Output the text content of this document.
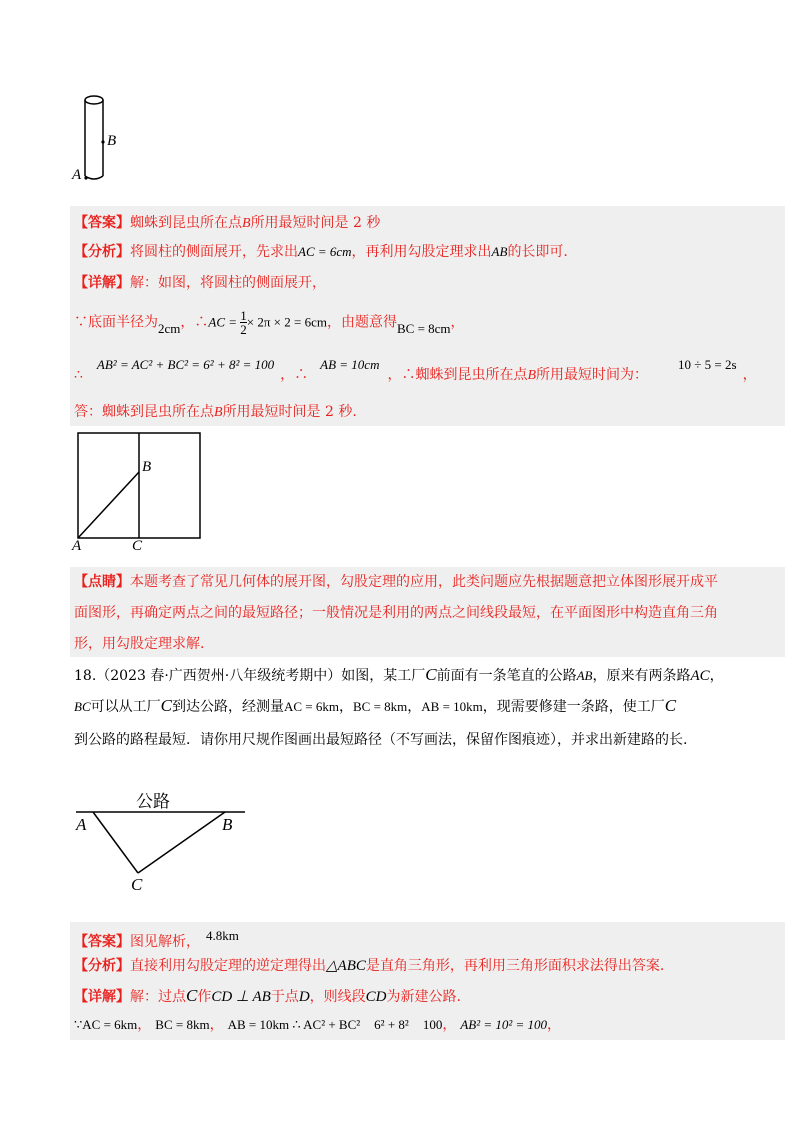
B
A
【答案】蜘蛛到昆虫所在点B所用最短时间是 2 秒
【分析】将圆柱的侧面展开，先求出AC = 6cm，再利用勾股定理求出AB的长即可.
【详解】解：如图，将圆柱的侧面展开，
∵底面半径为2cm，∴AC = $\frac{1}{2} \times 2\pi \times 2 = 6cm$，由题意得BC = 8cm，
∴AB² = AC² + BC² = 6² + 8² = 100，∴AB = 10cm，∴蜘蛛到昆虫所在点B所用最短时间为：10 ÷ 5 = 2s，
答：蜘蛛到昆虫所在点B所用最短时间是 2 秒.
B
A	C
【点睛】本题考查了常见几何体的展开图，勾股定理的应用，此类问题应先根据题意把立体图形展开成平
面图形，再确定两点之间的最短路径；一般情况是利用的两点之间线段最短，在平面图形中构造直角三角
形，用勾股定理求解.
18.（2023 春·广西贺州·八年级统考期中）如图，某工厂C前面有一条笔直的公路AB，原来有两条路AC，
BC可以从工厂C到达公路，经测量AC = 6km，BC = 8km，AB = 10km，现需要修建一条路，使工厂C
到公路的路程最短．请你用尺规作图画出最短路径（不写画法，保留作图痕迹），并求出新建路的长.
公路
A	B
C
【答案】图见解析， 4.8km
【分析】直接利用勾股定理的逆定理得出△ABC是直角三角形，再利用三角形面积求法得出答案.
【详解】解：过点C作CD ⊥ AB于点D，则线段CD为新建公路.
∵AC = 6km， BC = 8km， AB = 10km ∴ AC² + BC² 6² + 8² 100， AB² = 10² = 100，
